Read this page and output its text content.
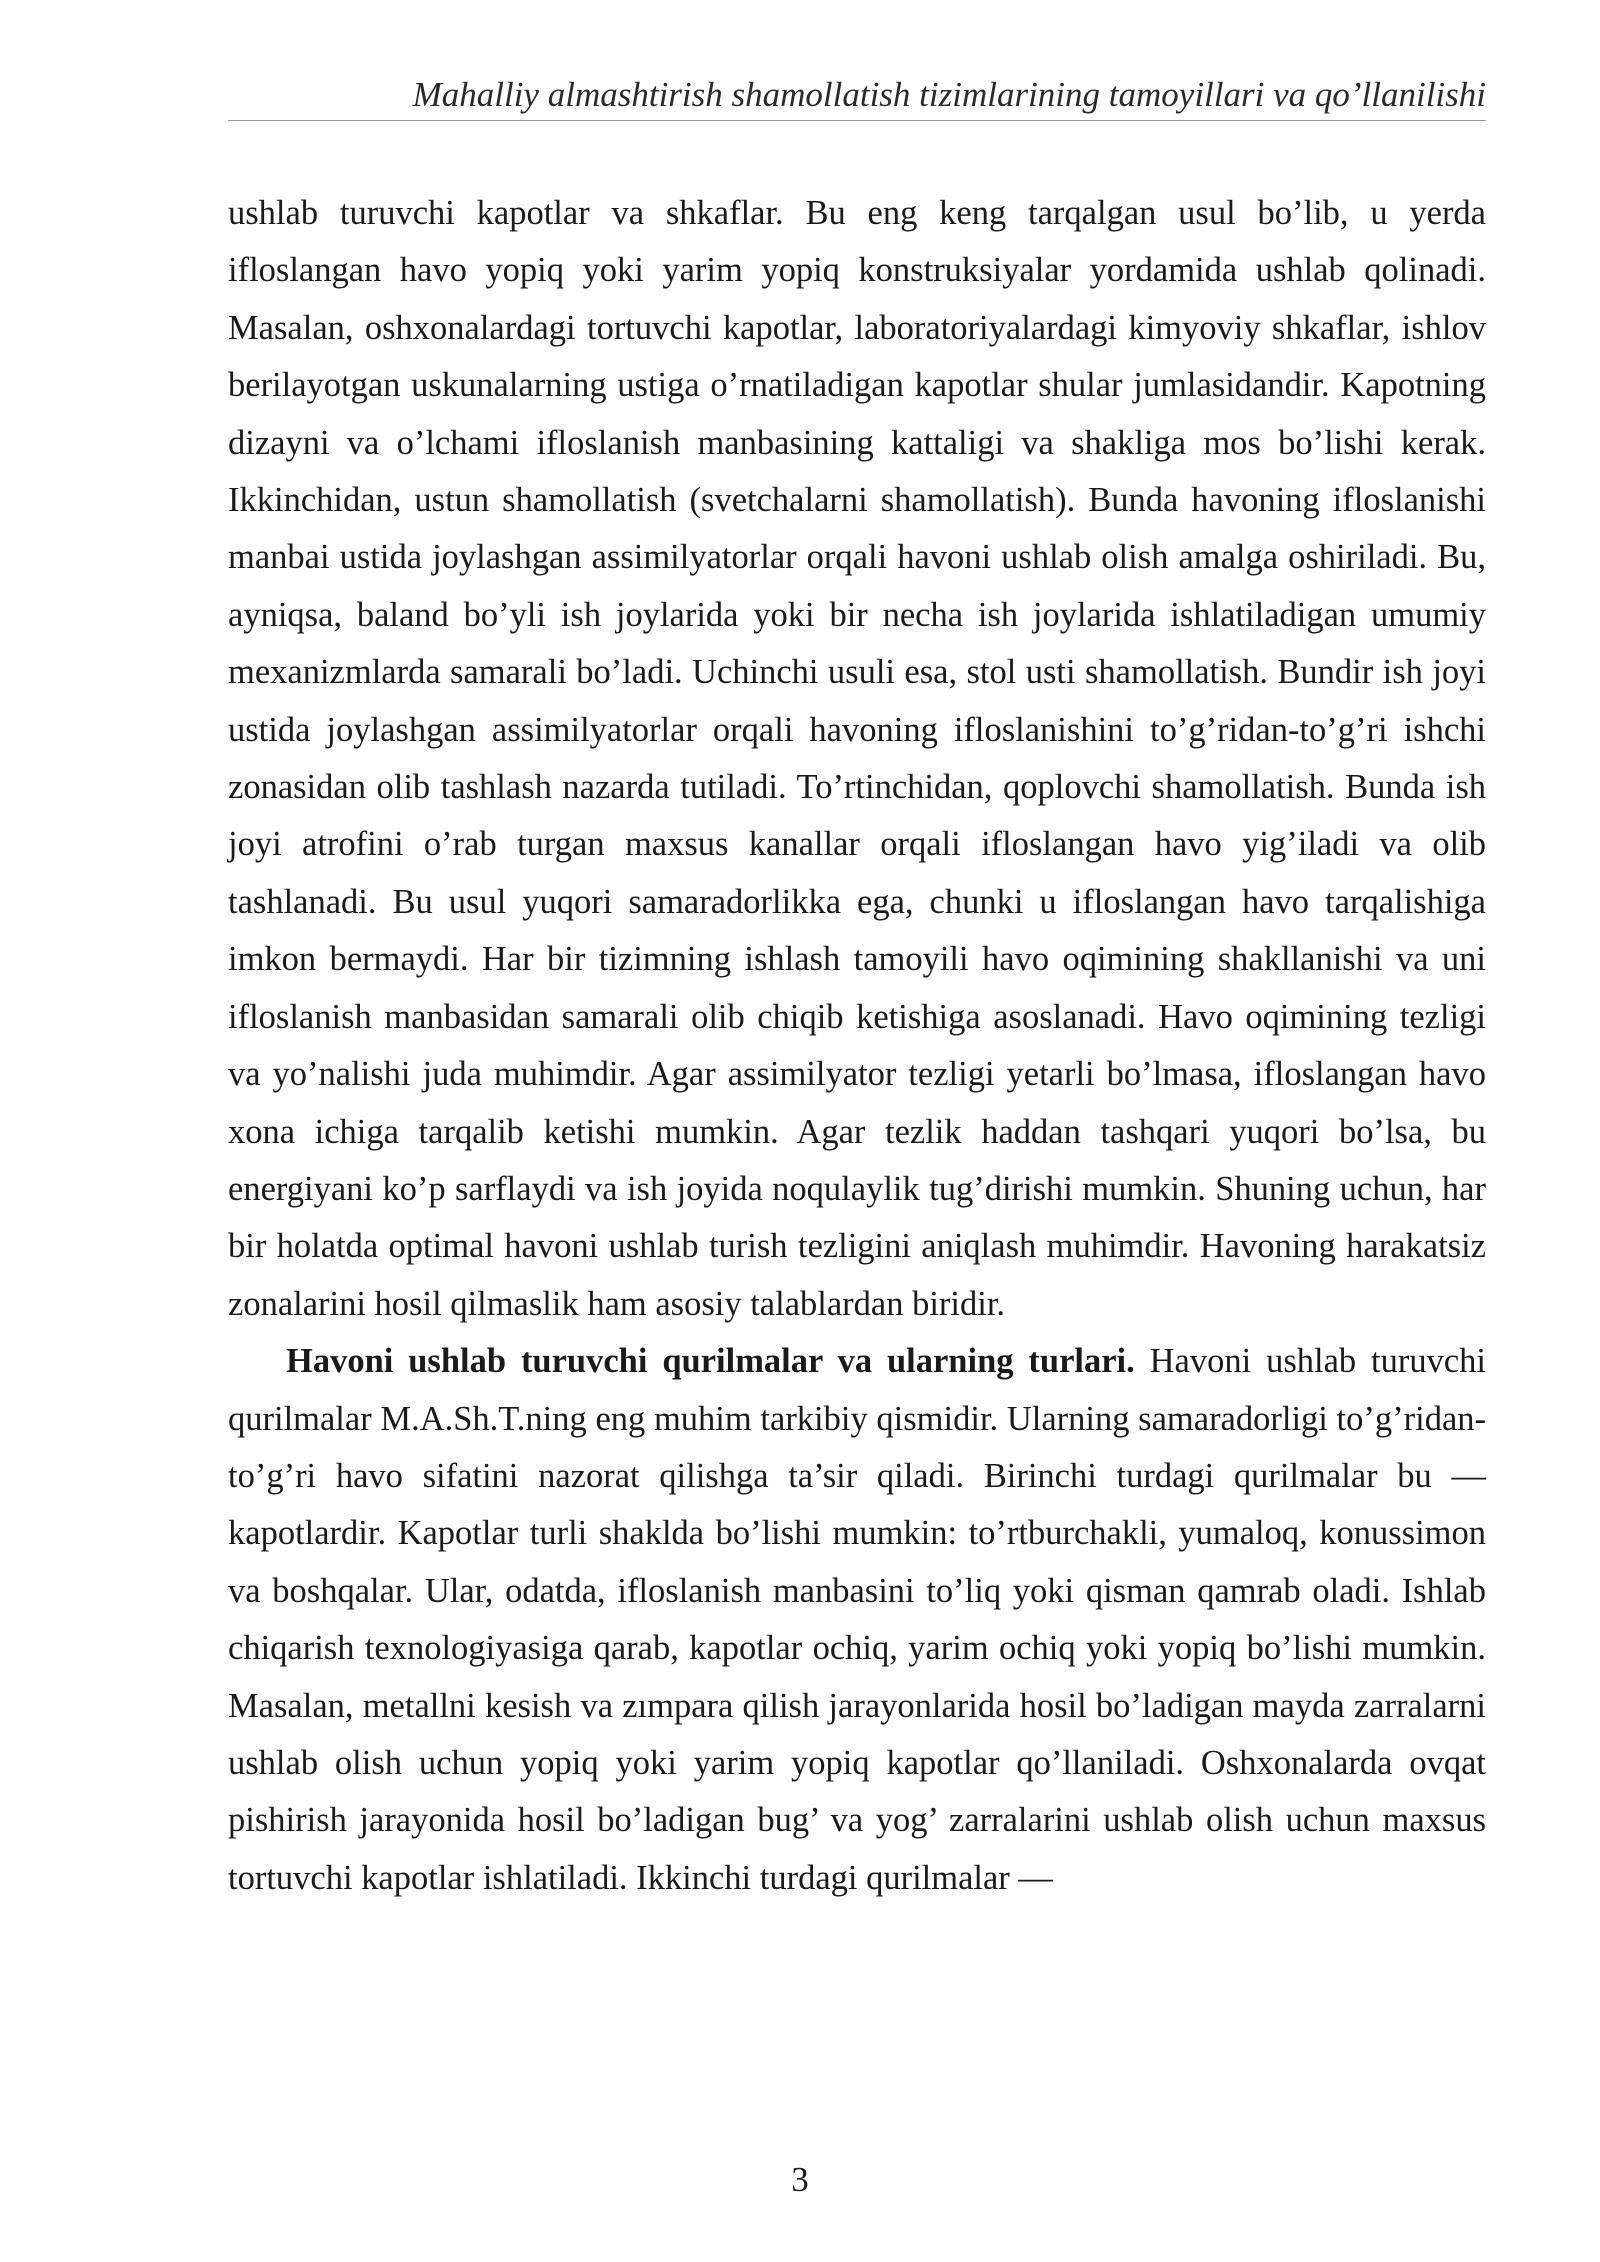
Mahalliy almashtirish shamollatish tizimlarining tamoyillari va qo’llanilishi

ushlab turuvchi kapotlar va shkaflar. Bu eng keng tarqalgan usul bo’lib, u yerda ifloslangan havo yopiq yoki yarim yopiq konstruksiyalar yordamida ushlab qolinadi. Masalan, oshxonalardagi tortuvchi kapotlar, laboratoriyalardagi kimyoviy shkaflar, ishlov berilayotgan uskunalarning ustiga o’rnatiladigan kapotlar shular jumlasidandir. Kapotning dizayni va o’lchami ifloslanish manbasining kattaligi va shakliga mos bo’lishi kerak. Ikkinchidan, ustun shamollatish (svetchalarni shamollatish). Bunda havoning ifloslanishi manbai ustida joylashgan assimilyatorlar orqali havoni ushlab olish amalga oshiriladi. Bu, ayniqsa, baland bo’yli ish joylarida yoki bir necha ish joylarida ishlatiladigan umumiy mexanizmlarda samarali bo’ladi. Uchinchi usuli esa, stol usti shamollatish. Bundir ish joyi ustida joylashgan assimilyatorlar orqali havoning ifloslanishini to’g’ridan-to’g’ri ishchi zonasidan olib tashlash nazarda tutiladi. To’rtinchidan, qoplovchi shamollatish. Bunda ish joyi atrofini o’rab turgan maxsus kanallar orqali ifloslangan havo yig’iladi va olib tashlanadi. Bu usul yuqori samaradorlikka ega, chunki u ifloslangan havo tarqalishiga imkon bermaydi. Har bir tizimning ishlash tamoyili havo oqimining shakllanishi va uni ifloslanish manbasidan samarali olib chiqib ketishiga asoslanadi. Havo oqimining tezligi va yo’nalishi juda muhimdir. Agar assimilyator tezligi yetarli bo’lmasa, ifloslangan havo xona ichiga tarqalib ketishi mumkin. Agar tezlik haddan tashqari yuqori bo’lsa, bu energiyani ko’p sarflaydi va ish joyida noqulaylik tug’dirishi mumkin. Shuning uchun, har bir holatda optimal havoni ushlab turish tezligini aniqlash muhimdir. Havoning harakatsiz zonalarini hosil qilmaslik ham asosiy talablardan biridir.

Havoni ushlab turuvchi qurilmalar va ularning turlari. Havoni ushlab turuvchi qurilmalar M.A.Sh.T.ning eng muhim tarkibiy qismidir. Ularning samaradorligi to’g’ridan-to’g’ri havo sifatini nazorat qilishga ta’sir qiladi. Birinchi turdagi qurilmalar bu — kapotlardir. Kapotlar turli shaklda bo’lishi mumkin: to’rtburchakli, yumaloq, konussimon va boshqalar. Ular, odatda, ifloslanish manbasini to’liq yoki qisman qamrab oladi. Ishlab chiqarish texnologiyasiga qarab, kapotlar ochiq, yarim ochiq yoki yopiq bo’lishi mumkin. Masalan, metallni kesish va zımpara qilish jarayonlarida hosil bo’ladigan mayda zarralarni ushlab olish uchun yopiq yoki yarim yopiq kapotlar qo’llaniladi. Oshxonalarda ovqat pishirish jarayonida hosil bo’ladigan bug’ va yog’ zarralarini ushlab olish uchun maxsus tortuvchi kapotlar ishlatiladi. Ikkinchi turdagi qurilmalar —

3
